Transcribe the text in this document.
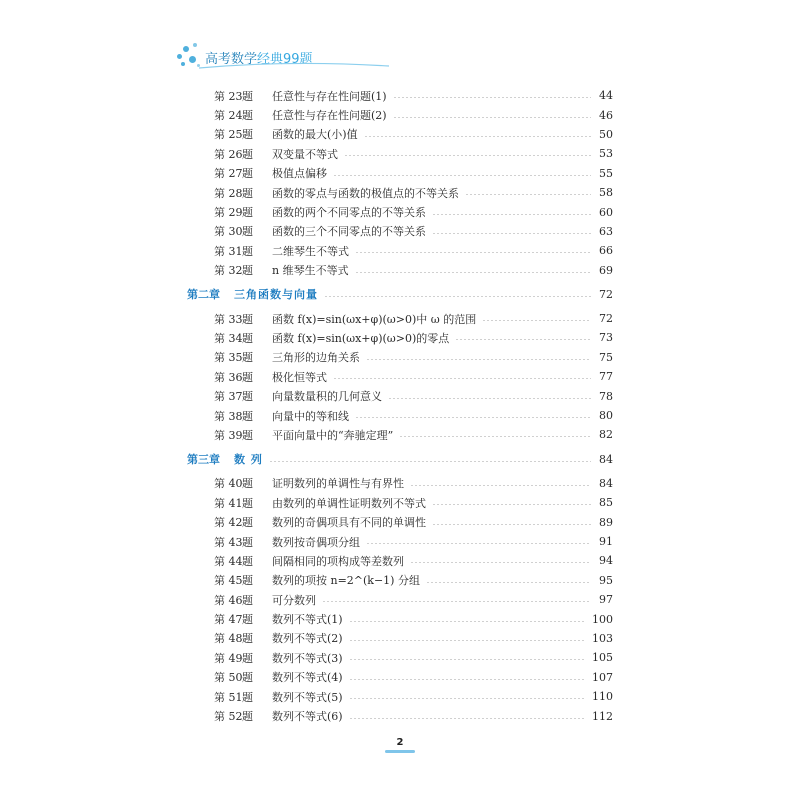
高考数学经典99题
第 23 题	任意性与存在性问题(1)	44
第 24 题	任意性与存在性问题(2)	46
第 25 题	函数的最大(小)值	50
第 26 题	双变量不等式	53
第 27 题	极值点偏移	55
第 28 题	函数的零点与函数的极值点的不等关系	58
第 29 题	函数的两个不同零点的不等关系	60
第 30 题	函数的三个不同零点的不等关系	63
第 31 题	二维琴生不等式	66
第 32 题	n 维琴生不等式	69
第二章	三角函数与向量	72
第 33 题	函数 f(x)=sin(ωx+φ)(ω>0)中 ω 的范围	72
第 34 题	函数 f(x)=sin(ωx+φ)(ω>0)的零点	73
第 35 题	三角形的边角关系	75
第 36 题	极化恒等式	77
第 37 题	向量数量积的几何意义	78
第 38 题	向量中的等和线	80
第 39 题	平面向量中的“奔驰定理”	82
第三章	数 列	84
第 40 题	证明数列的单调性与有界性	84
第 41 题	由数列的单调性证明数列不等式	85
第 42 题	数列的奇偶项具有不同的单调性	89
第 43 题	数列按奇偶项分组	91
第 44 题	间隔相同的项构成等差数列	94
第 45 题	数列的项按 n=2^(k−1) 分组	95
第 46 题	可分数列	97
第 47 题	数列不等式(1)	100
第 48 题	数列不等式(2)	103
第 49 题	数列不等式(3)	105
第 50 题	数列不等式(4)	107
第 51 题	数列不等式(5)	110
第 52 题	数列不等式(6)	112
2
